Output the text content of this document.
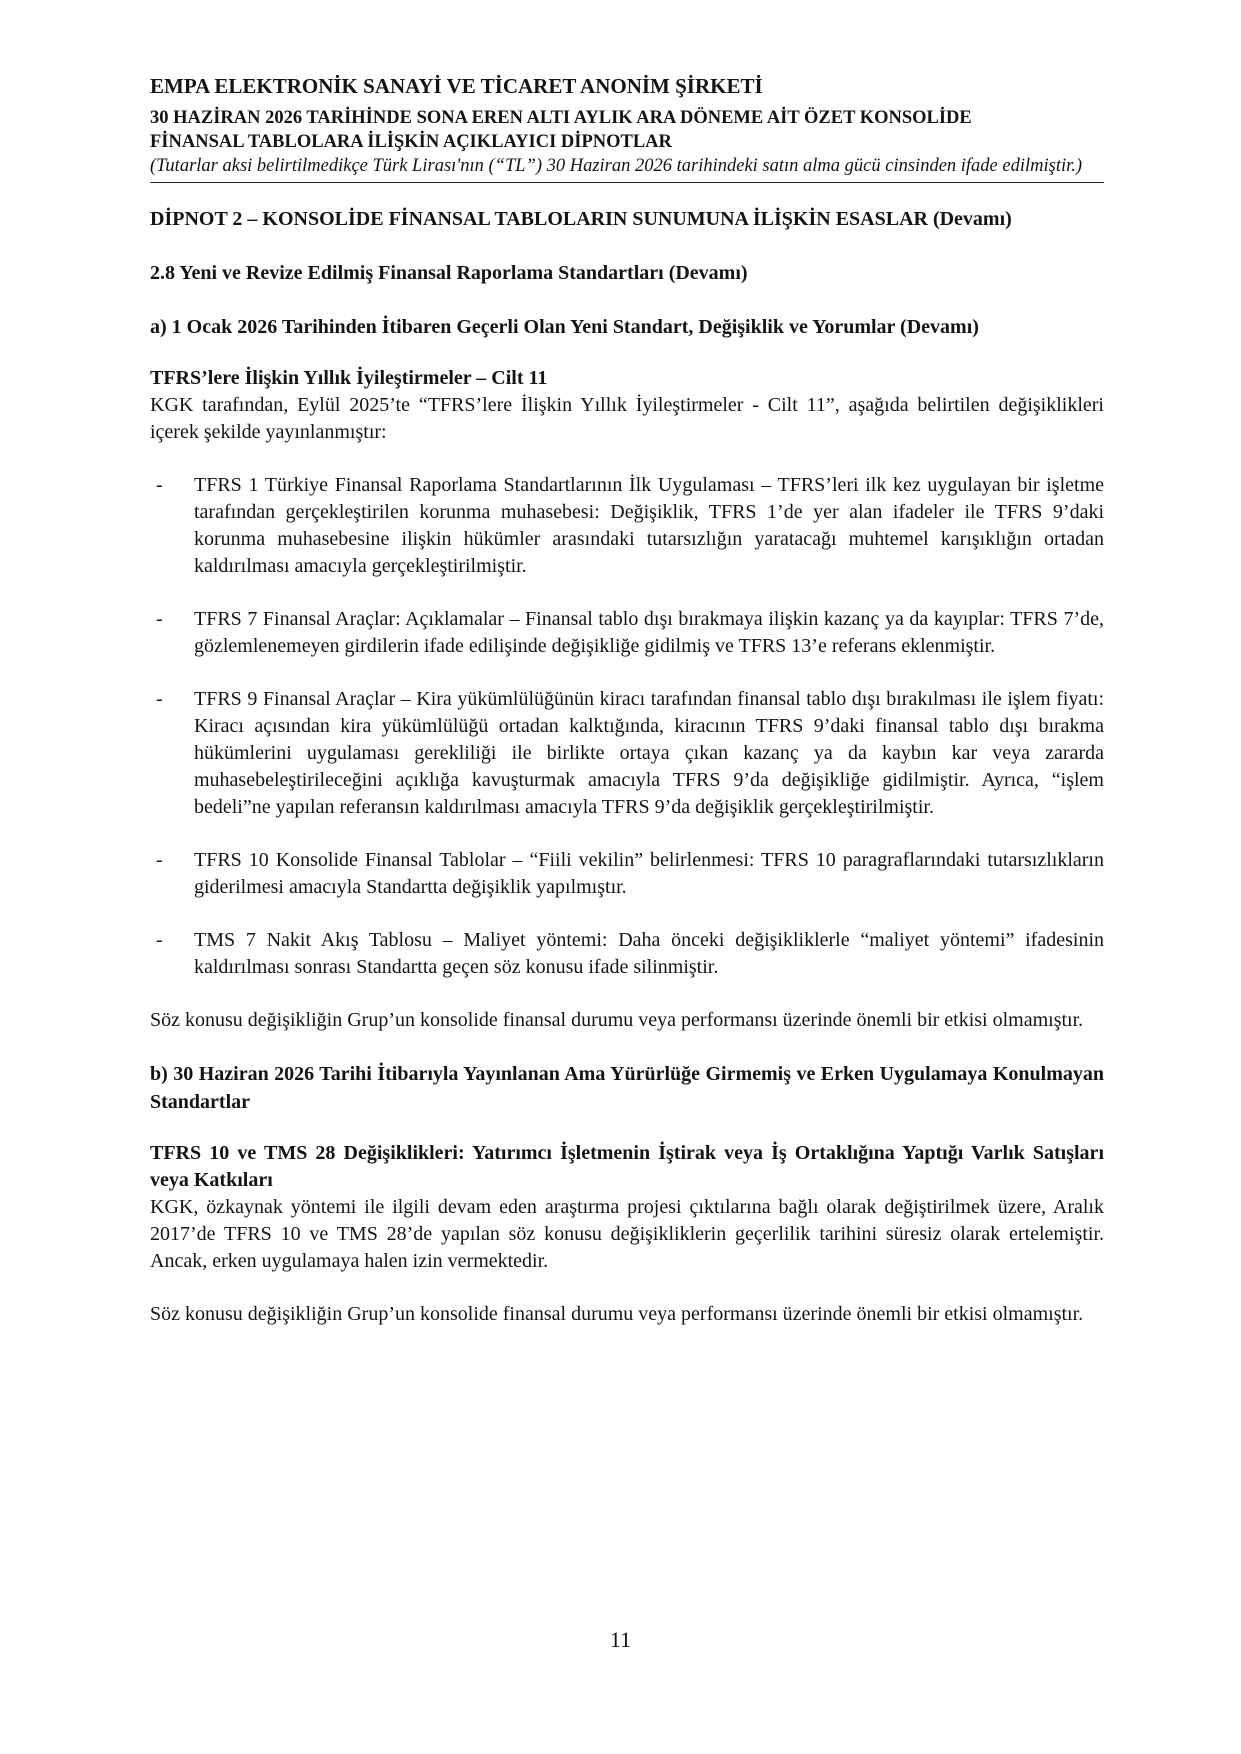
EMPA ELEKTRONİK SANAYİ VE TİCARET ANONİM ŞİRKETİ
30 HAZİRAN 2026 TARİHİNDE SONA EREN ALTI AYLIK ARA DÖNEME AİT ÖZET KONSOLİDE
FİNANSAL TABLOLARA İLİŞKİN AÇIKLAYICI DİPNOTLAR
(Tutarlar aksi belirtilmedikçe Türk Lirası'nın (“TL”) 30 Haziran 2026 tarihindeki satın alma gücü cinsinden ifade edilmiştir.)
DİPNOT 2 – KONSOLİDE FİNANSAL TABLOLARIN SUNUMUNA İLİŞKİN ESASLAR (Devamı)
2.8 Yeni ve Revize Edilmiş Finansal Raporlama Standartları (Devamı)
a) 1 Ocak 2026 Tarihinden İtibaren Geçerli Olan Yeni Standart, Değişiklik ve Yorumlar (Devamı)
TFRS’lere İlişkin Yıllık İyileştirmeler – Cilt 11

KGK tarafından, Eylül 2025’te “TFRS’lere İlişkin Yıllık İyileştirmeler - Cilt 11”, aşağıda belirtilen değişiklikleri içerek şekilde yayınlanmıştır:

- TFRS 1 Türkiye Finansal Raporlama Standartlarının İlk Uygulaması – TFRS’leri ilk kez uygulayan bir işletme tarafından gerçekleştirilen korunma muhasebesi: Değişiklik, TFRS 1’de yer alan ifadeler ile TFRS 9’daki korunma muhasebesine ilişkin hükümler arasındaki tutarsızlığın yaratacağı muhtemel karışıklığın ortadan kaldırılması amacıyla gerçekleştirilmiştir.
- TFRS 7 Finansal Araçlar: Açıklamalar – Finansal tablo dışı bırakmaya ilişkin kazanç ya da kayıplar: TFRS 7’de, gözlemlenemeyen girdilerin ifade edilişinde değişikliğe gidilmiş ve TFRS 13’e referans eklenmiştir.
- TFRS 9 Finansal Araçlar – Kira yükümlülüğünün kiracı tarafından finansal tablo dışı bırakılması ile işlem fiyatı: Kiracı açısından kira yükümlülüğü ortadan kalktığında, kiracının TFRS 9’daki finansal tablo dışı bırakma hükümlerini uygulaması gerekliliği ile birlikte ortaya çıkan kazanç ya da kaybın kar veya zararda muhasebeleştirileceğini açıklığa kavuşturmak amacıyla TFRS 9’da değişikliğe gidilmiştir. Ayrıca, “işlem bedeli”ne yapılan referansın kaldırılması amacıyla TFRS 9’da değişiklik gerçekleştirilmiştir.
- TFRS 10 Konsolide Finansal Tablolar – “Fiili vekilin” belirlenmesi: TFRS 10 paragraflarındaki tutarsızlıkların giderilmesi amacıyla Standartta değişiklik yapılmıştır.
- TMS 7 Nakit Akış Tablosu – Maliyet yöntemi: Daha önceki değişikliklerle “maliyet yöntemi” ifadesinin kaldırılması sonrası Standartta geçen söz konusu ifade silinmiştir.

Söz konusu değişikliğin Grup’un konsolide finansal durumu veya performansı üzerinde önemli bir etkisi olmamıştır.

b) 30 Haziran 2026 Tarihi İtibarıyla Yayınlanan Ama Yürürlüğe Girmemiş ve Erken Uygulamaya Konulmayan Standartlar
TFRS 10 ve TMS 28 Değişiklikleri: Yatırımcı İşletmenin İştirak veya İş Ortaklığına Yaptığı Varlık Satışları veya Katkıları

KGK, özkaynak yöntemi ile ilgili devam eden araştırma projesi çıktılarına bağlı olarak değiştirilmek üzere, Aralık 2017’de TFRS 10 ve TMS 28’de yapılan söz konusu değişikliklerin geçerlilik tarihini süresiz olarak ertelemiştir. Ancak, erken uygulamaya halen izin vermektedir.

Söz konusu değişikliğin Grup’un konsolide finansal durumu veya performansı üzerinde önemli bir etkisi olmamıştır.

11
